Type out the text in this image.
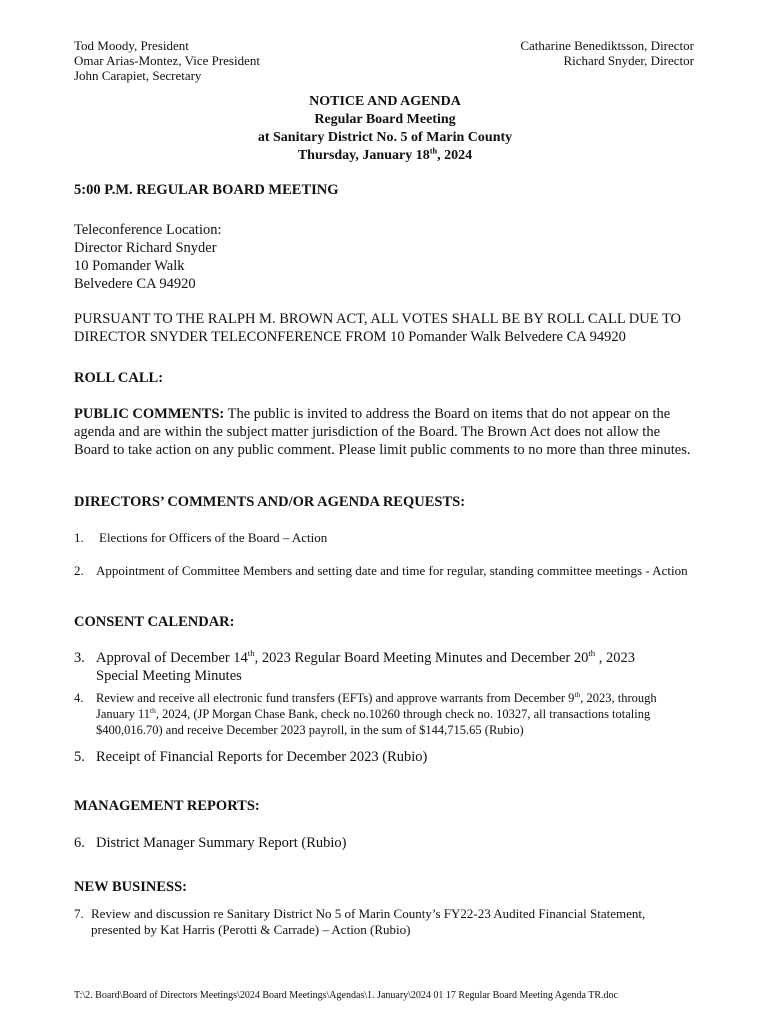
Tod Moody, President
Omar Arias-Montez, Vice President
John Carapiet, Secretary
Catharine Benediktsson, Director
Richard Snyder, Director
NOTICE AND AGENDA
Regular Board Meeting
at Sanitary District No. 5 of Marin County
Thursday, January 18th, 2024
5:00 P.M. REGULAR BOARD MEETING
Teleconference Location:
Director Richard Snyder
10 Pomander Walk
Belvedere CA 94920
PURSUANT TO THE RALPH M. BROWN ACT, ALL VOTES SHALL BE BY ROLL CALL DUE TO DIRECTOR SNYDER TELECONFERENCE FROM 10 Pomander Walk Belvedere CA 94920
ROLL CALL:
PUBLIC COMMENTS: The public is invited to address the Board on items that do not appear on the agenda and are within the subject matter jurisdiction of the Board. The Brown Act does not allow the Board to take action on any public comment. Please limit public comments to no more than three minutes.
DIRECTORS’ COMMENTS AND/OR AGENDA REQUESTS:
1. Elections for Officers of the Board – Action
2. Appointment of Committee Members and setting date and time for regular, standing committee meetings - Action
CONSENT CALENDAR:
3. Approval of December 14th, 2023 Regular Board Meeting Minutes and December 20th , 2023 Special Meeting Minutes
4. Review and receive all electronic fund transfers (EFTs) and approve warrants from December 9th, 2023, through January 11th, 2024, (JP Morgan Chase Bank, check no.10260 through check no. 10327, all transactions totaling $400,016.70) and receive December 2023 payroll, in the sum of $144,715.65 (Rubio)
5. Receipt of Financial Reports for December 2023 (Rubio)
MANAGEMENT REPORTS:
6. District Manager Summary Report (Rubio)
NEW BUSINESS:
7. Review and discussion re Sanitary District No 5 of Marin County’s FY22-23 Audited Financial Statement, presented by Kat Harris (Perotti & Carrade) – Action (Rubio)
T:\2. Board\Board of Directors Meetings\2024 Board Meetings\Agendas\1. January\2024 01 17 Regular Board Meeting Agenda TR.doc
